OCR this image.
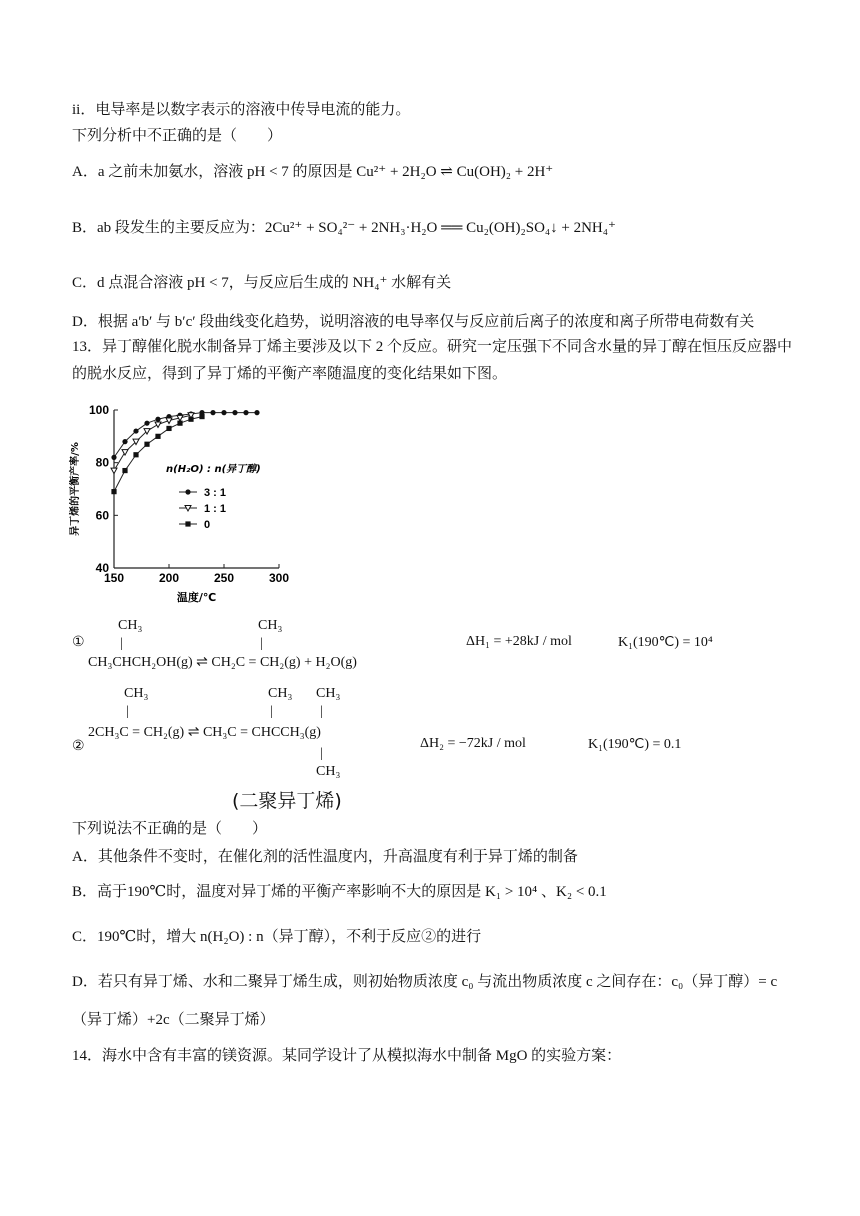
ii．电导率是以数字表示的溶液中传导电流的能力。
下列分析中不正确的是（　　）
A．a 之前未加氨水，溶液 pH < 7 的原因是 Cu²⁺ + 2H₂O ⇌ Cu(OH)₂ + 2H⁺
B．ab 段发生的主要反应为：2Cu²⁺ + SO₄²⁻ + 2NH₃·H₂O ══ Cu₂(OH)₂SO₄↓ + 2NH₄⁺
C．d 点混合溶液 pH < 7，与反应后生成的 NH₄⁺ 水解有关
D．根据 a′b′ 与 b′c′ 段曲线变化趋势，说明溶液的电导率仅与反应前后离子的浓度和离子所带电荷数有关
13．异丁醇催化脱水制备异丁烯主要涉及以下 2 个反应。研究一定压强下不同含水量的异丁醇在恒压反应器中
的脱水反应，得到了异丁烯的平衡产率随温度的变化结果如下图。
150	200	250	300
40
60
80
100
温度/℃
异丁烯的平衡产率/%	n(H₂O) : n(异丁醇)
3 : 1
1 : 1
0
CH₃
|
CH₃
|
①
CH₃CHCH₂OH(g) ⇌ CH₂C = CH₂(g) + H₂O(g)
ΔH₁ = +28kJ / mol	K₁(190℃) = 10⁴
CH₃
|
CH₃
|
CH₃
|
2CH₃C = CH₂(g) ⇌ CH₃C = CHCCH₃(g)
②	ΔH₂ = −72kJ / mol	K₁(190℃) = 0.1
|
CH₃
(二聚异丁烯)
下列说法不正确的是（　　）
A．其他条件不变时，在催化剂的活性温度内，升高温度有利于异丁烯的制备
B．高于190℃时，温度对异丁烯的平衡产率影响不大的原因是 K₁ > 10⁴ 、K₂ < 0.1
C．190℃时，增大 n(H₂O) : n（异丁醇），不利于反应②的进行
D．若只有异丁烯、水和二聚异丁烯生成，则初始物质浓度 c₀ 与流出物质浓度 c 之间存在：c₀（异丁醇）= c
（异丁烯）+2c（二聚异丁烯）
14．海水中含有丰富的镁资源。某同学设计了从模拟海水中制备 MgO 的实验方案：
